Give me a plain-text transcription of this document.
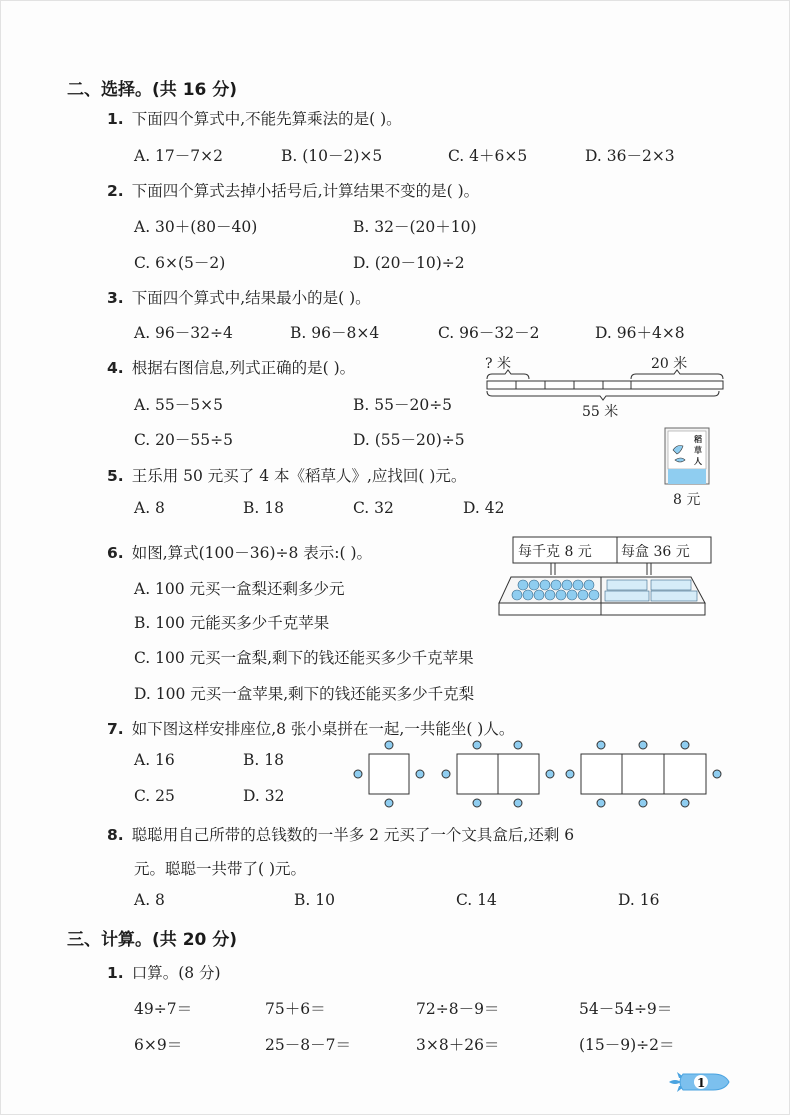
二、选择。(共 16 分)
1. 下面四个算式中,不能先算乘法的是( )。
A. 17－7×2	B. (10－2)×5	C. 4＋6×5	D. 36－2×3
2. 下面四个算式去掉小括号后,计算结果不变的是( )。
A. 30＋(80－40)	B. 32－(20＋10)
C. 6×(5－2)	D. (20－10)÷2
3. 下面四个算式中,结果最小的是( )。
A. 96－32÷4	B. 96－8×4	C. 96－32－2	D. 96＋4×8
4. 根据右图信息,列式正确的是( )。
A. 55－5×5	B. 55－20÷5
C. 20－55÷5	D. (55－20)÷5
? 米	20 米
55 米
5. 王乐用 50 元买了 4 本《稻草人》,应找回( )元。
A. 8	B. 18	C. 32	D. 42
稻
草
人
8 元
6. 如图,算式(100－36)÷8 表示:( )。
A. 100 元买一盒梨还剩多少元
B. 100 元能买多少千克苹果
C. 100 元买一盒梨,剩下的钱还能买多少千克苹果
D. 100 元买一盒苹果,剩下的钱还能买多少千克梨
每千克 8 元 每盒 36 元
7. 如下图这样安排座位,8 张小桌拼在一起,一共能坐( )人。
A. 16	B. 18
C. 25	D. 32
8. 聪聪用自己所带的总钱数的一半多 2 元买了一个文具盒后,还剩 6
元。聪聪一共带了( )元。
A. 8	B. 10	C. 14	D. 16
三、计算。(共 20 分)
1. 口算。(8 分)
49÷7＝	75＋6＝	72÷8－9＝	54－54÷9＝
6×9＝	25－8－7＝	3×8＋26＝	(15－9)÷2＝
1
